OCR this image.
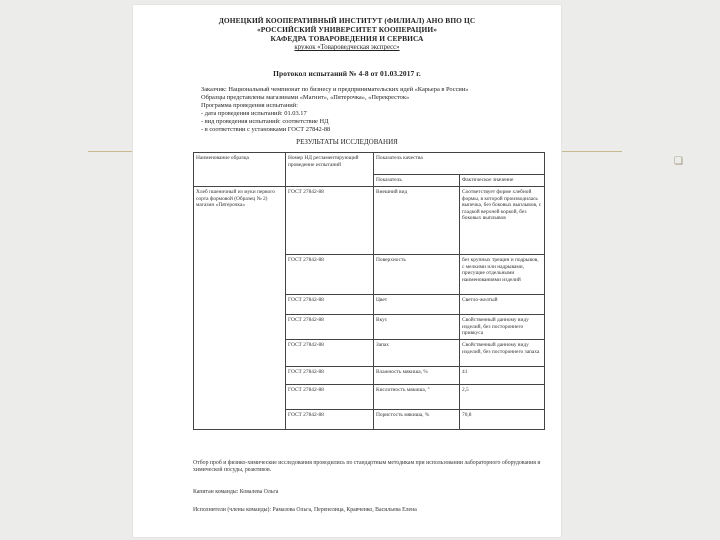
❏
ДОНЕЦКИЙ КООПЕРАТИВНЫЙ ИНСТИТУТ (ФИЛИАЛ) АНО ВПО ЦС
«РОССИЙСКИЙ УНИВЕРСИТЕТ КООПЕРАЦИИ»
КАФЕДРА ТОВАРОВЕДЕНИЯ И СЕРВИСА
кружок «Товароведческая экспресс»
Протокол испытаний № 4-8 от 01.03.2017 г.
Заказчик: Национальный чемпионат по бизнесу и предпринимательских идей «Карьера в России»
Образцы представлены магазинами «Магнит», «Пятерочка», «Перекресток»
Программа проведения испытаний:
- дата проведения испытаний: 01.03.17
- вид проведения испытаний: соответствие НД
- в соответствии с установками ГОСТ 27842-88
РЕЗУЛЬТАТЫ ИССЛЕДОВАНИЯ
Наименование образца	Номер НД регламентирующий проведение испытаний	Показатель качества	
		Показатель	Фактическое значение
Хлеб пшеничный из муки первого сорта формовой (Образец № 2) магазин «Пятерочка»	ГОСТ 27842-88	Внешний вид	Соответствует форме хлебной формы, в которой производилась выпечка, без боковых выплывов, с гладкой верхней коркой, без боковых выплывов
	ГОСТ 27842-88	Поверхность	без крупных трещин и подрывов, с мелкими или надрывами, присущие отдельными наименованиями изделий
	ГОСТ 27842-88	Цвет	Светло-желтый
	ГОСТ 27842-88	Вкус	Свойственный данному виду изделий, без постороннего привкуса
	ГОСТ 27842-88	Запах	Свойственный данному виду изделий, без постороннего запаха
	ГОСТ 27842-88	Влажность мякиша, %	41
	ГОСТ 27842-88	Кислотность мякиша, °	2,5
	ГОСТ 27842-88	Пористость мякиша, %	70,8
Отбор проб и физико-химические исследования проводились по стандартным методикам при использовании лабораторного оборудования и химической посуды, реактивов.
Капитан команды: Ковалева Ольга
Исполнители (члены команды): Рамазова Ольга, Перепелица, Кравченко, Васильева Елена
